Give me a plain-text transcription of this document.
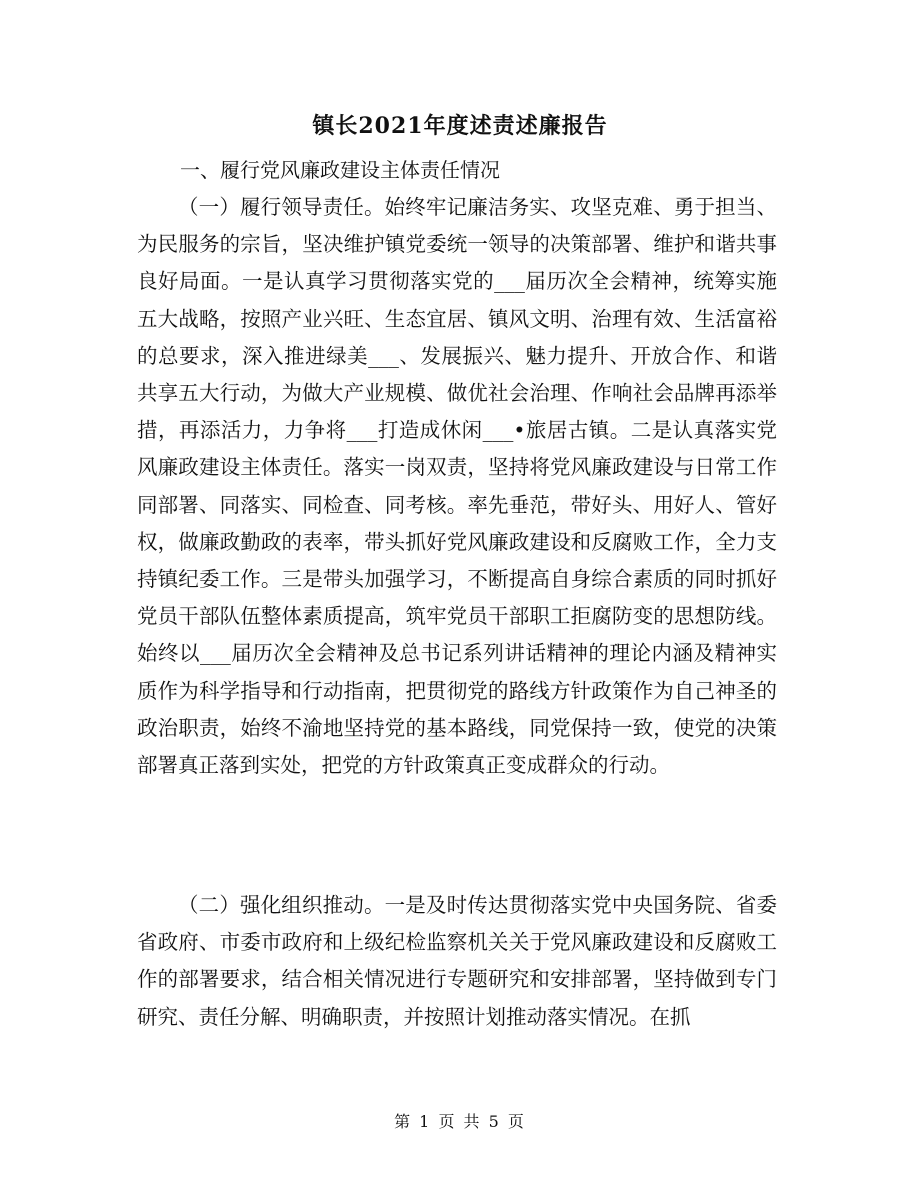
镇长2021年度述责述廉报告

一、履行党风廉政建设主体责任情况

（一）履行领导责任。始终牢记廉洁务实、攻坚克难、勇于担当、为民服务的宗旨，坚决维护镇党委统一领导的决策部署、维护和谐共事良好局面。一是认真学习贯彻落实党的___届历次全会精神，统筹实施五大战略，按照产业兴旺、生态宜居、镇风文明、治理有效、生活富裕的总要求，深入推进绿美___、发展振兴、魅力提升、开放合作、和谐共享五大行动，为做大产业规模、做优社会治理、作响社会品牌再添举措，再添活力，力争将___打造成休闲___•旅居古镇。二是认真落实党风廉政建设主体责任。落实一岗双责，坚持将党风廉政建设与日常工作同部署、同落实、同检查、同考核。率先垂范，带好头、用好人、管好权，做廉政勤政的表率，带头抓好党风廉政建设和反腐败工作，全力支持镇纪委工作。三是带头加强学习，不断提高自身综合素质的同时抓好党员干部队伍整体素质提高，筑牢党员干部职工拒腐防变的思想防线。始终以___届历次全会精神及总书记系列讲话精神的理论内涵及精神实质作为科学指导和行动指南，把贯彻党的路线方针政策作为自己神圣的政治职责，始终不渝地坚持党的基本路线，同党保持一致，使党的决策部署真正落到实处，把党的方针政策真正变成群众的行动。

（二）强化组织推动。一是及时传达贯彻落实党中央国务院、省委省政府、市委市政府和上级纪检监察机关关于党风廉政建设和反腐败工作的部署要求，结合相关情况进行专题研究和安排部署，坚持做到专门研究、责任分解、明确职责，并按照计划推动落实情况。在抓

第 1 页 共 5 页
